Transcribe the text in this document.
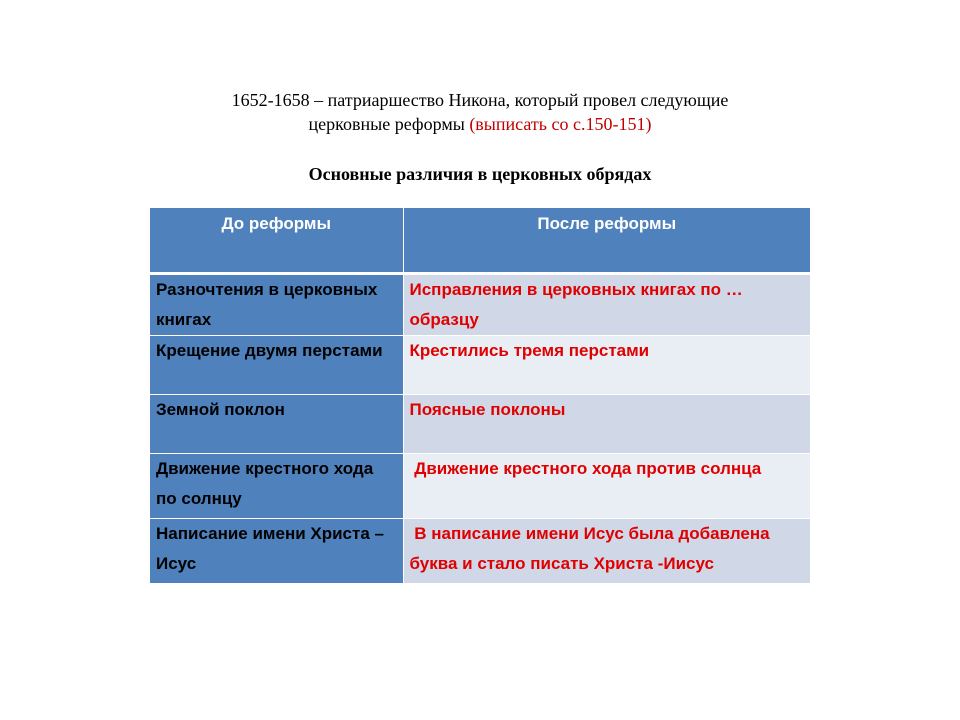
1652-1658 – патриаршество Никона, который провел следующие
церковные реформы (выписать со с.150-151)
Основные различия в церковных обрядах
До реформы	После реформы
Разночтения в церковных книгах	Исправления в церковных книгах по … образцу
Крещение двумя перстами	Крестились тремя перстами
Земной поклон	Поясные поклоны
Движение крестного хода по солнцу	Движение крестного хода против солнца
Написание имени Христа – Исус	В написание имени Исус была добавлена буква и стало писать Христа -Иисус
